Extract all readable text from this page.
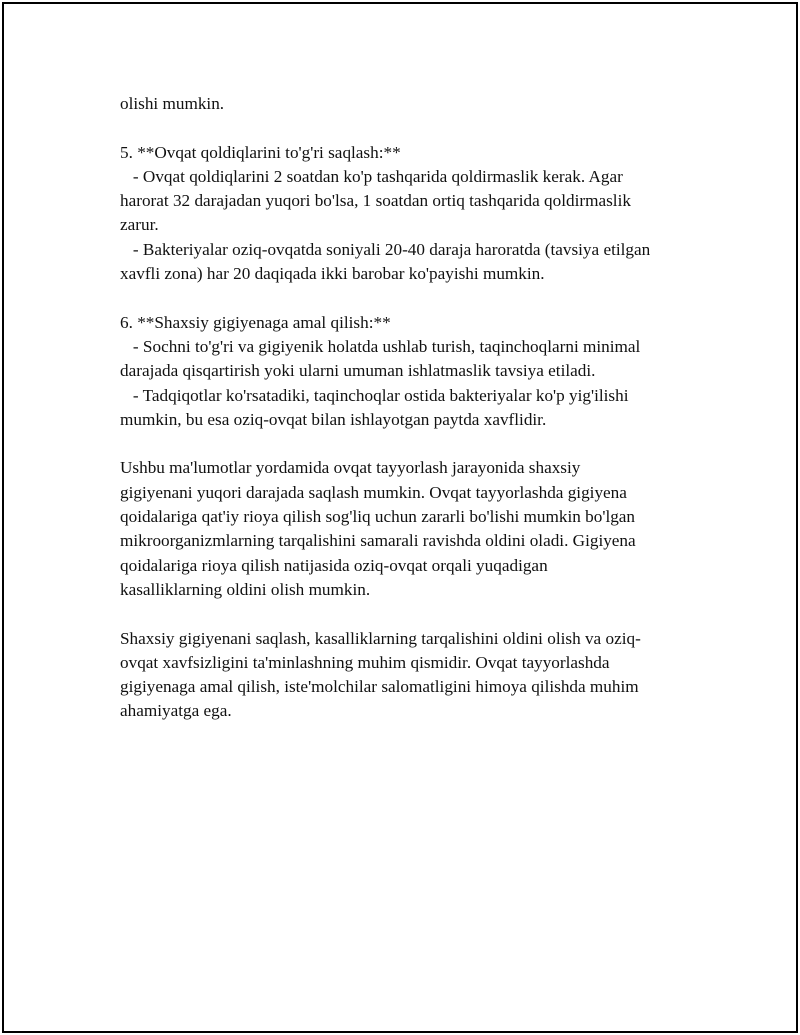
olishi mumkin.
5. **Ovqat qoldiqlarini to'g'ri saqlash:**
- Ovqat qoldiqlarini 2 soatdan ko'p tashqarida qoldirmaslik kerak. Agar
harorat 32 darajadan yuqori bo'lsa, 1 soatdan ortiq tashqarida qoldirmaslik
zarur.
- Bakteriyalar oziq-ovqatda soniyali 20-40 daraja haroratda (tavsiya etilgan
xavfli zona) har 20 daqiqada ikki barobar ko'payishi mumkin.
6. **Shaxsiy gigiyenaga amal qilish:**
- Sochni to'g'ri va gigiyenik holatda ushlab turish, taqinchoqlarni minimal
darajada qisqartirish yoki ularni umuman ishlatmaslik tavsiya etiladi.
- Tadqiqotlar ko'rsatadiki, taqinchoqlar ostida bakteriyalar ko'p yig'ilishi
mumkin, bu esa oziq-ovqat bilan ishlayotgan paytda xavflidir.
Ushbu ma'lumotlar yordamida ovqat tayyorlash jarayonida shaxsiy
gigiyenani yuqori darajada saqlash mumkin. Ovqat tayyorlashda gigiyena
qoidalariga qat'iy rioya qilish sog'liq uchun zararli bo'lishi mumkin bo'lgan
mikroorganizmlarning tarqalishini samarali ravishda oldini oladi. Gigiyena
qoidalariga rioya qilish natijasida oziq-ovqat orqali yuqadigan
kasalliklarning oldini olish mumkin.
Shaxsiy gigiyenani saqlash, kasalliklarning tarqalishini oldini olish va oziq-
ovqat xavfsizligini ta'minlashning muhim qismidir. Ovqat tayyorlashda
gigiyenaga amal qilish, iste'molchilar salomatligini himoya qilishda muhim
ahamiyatga ega.
